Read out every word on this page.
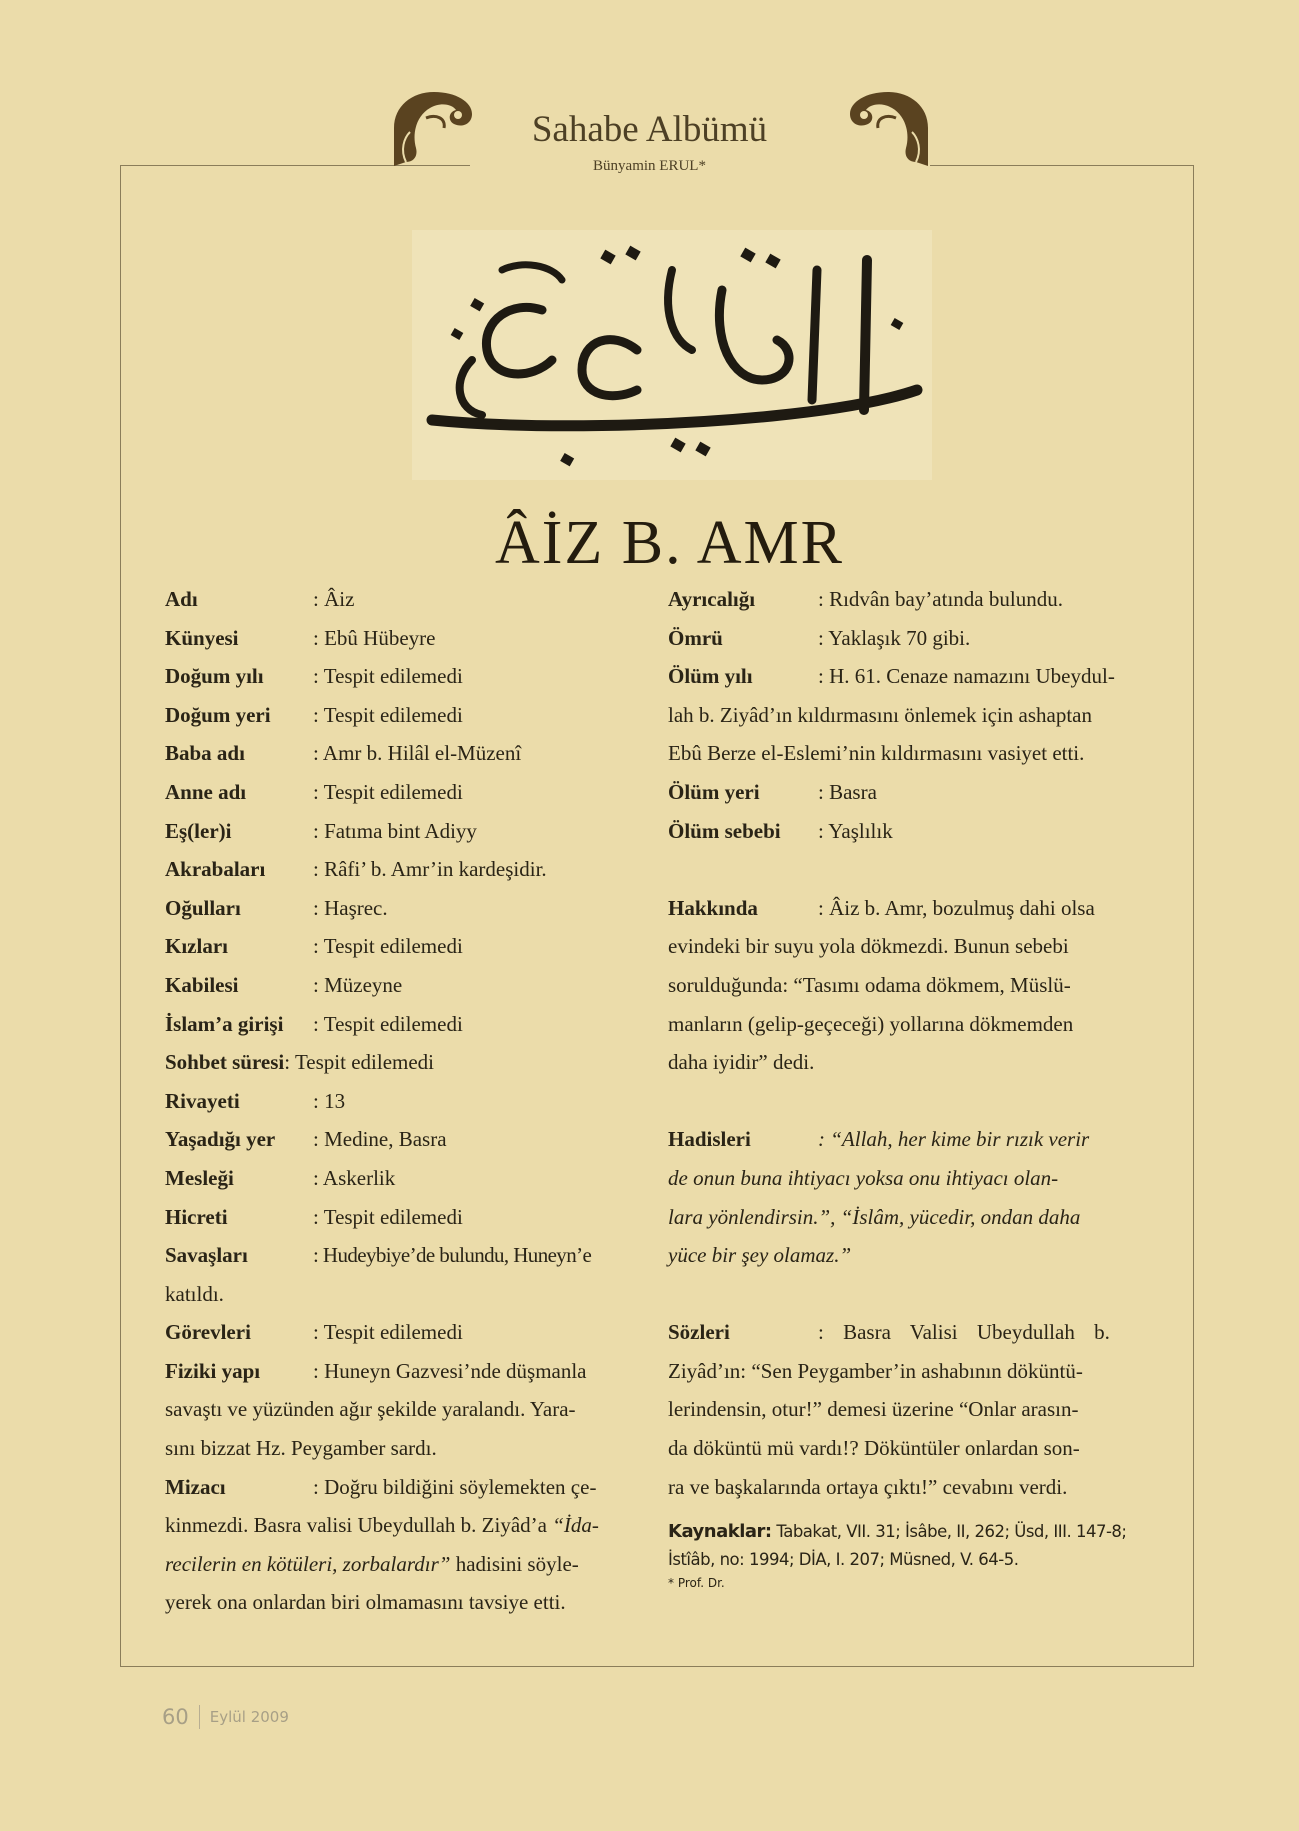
Sahabe Albümü
Bünyamin ERUL*
ÂİZ B. AMR
Adı	: Âiz
Künyesi	: Ebû Hübeyre
Doğum yılı	: Tespit edilemedi
Doğum yeri	: Tespit edilemedi
Baba adı	: Amr b. Hilâl el-Müzenî
Anne adı	: Tespit edilemedi
Eş(ler)i	: Fatıma bint Adiyy
Akrabaları	: Râfi’ b. Amr’in kardeşidir.
Oğulları	: Haşrec.
Kızları	: Tespit edilemedi
Kabilesi	: Müzeyne
İslam’a girişi	: Tespit edilemedi
Sohbet süresi : Tespit edilemedi
Rivayeti	: 13
Yaşadığı yer	: Medine, Basra
Mesleği	: Askerlik
Hicreti	: Tespit edilemedi
Savaşları	: Hudeybiye’de bulundu, Huneyn’e
katıldı.
Görevleri	: Tespit edilemedi
Fiziki yapı	: Huneyn Gazvesi’nde düşmanla
savaştı ve yüzünden ağır şekilde yaralandı. Yara-
sını bizzat Hz. Peygamber sardı.
Mizacı	: Doğru bildiğini söylemekten çe-
kinmezdi. Basra valisi Ubeydullah b. Ziyâd’a “İda-
recilerin en kötüleri, zorbalardır” hadisini söyle-
yerek ona onlardan biri olmamasını tavsiye etti.
Ayrıcalığı	: Rıdvân bay’atında bulundu.
Ömrü	: Yaklaşık 70 gibi.
Ölüm yılı	: H. 61. Cenaze namazını Ubeydul-
lah b. Ziyâd’ın kıldırmasını önlemek için ashaptan
Ebû Berze el-Eslemi’nin kıldırmasını vasiyet etti.
Ölüm yeri	: Basra
Ölüm sebebi	: Yaşlılık
Hakkında	: Âiz b. Amr, bozulmuş dahi olsa
evindeki bir suyu yola dökmezdi. Bunun sebebi
sorulduğunda: “Tasımı odama dökmem, Müslü-
manların (gelip-geçeceği) yollarına dökmemden
daha iyidir” dedi.
Hadisleri	: “Allah, her kime bir rızık verir
de onun buna ihtiyacı yoksa onu ihtiyacı olan-
lara yönlendirsin.”, “İslâm, yücedir, ondan daha
yüce bir şey olamaz.”
Sözleri	: Basra Valisi Ubeydullah b.
Ziyâd’ın: “Sen Peygamber’in ashabının döküntü-
lerindensin, otur!” demesi üzerine “Onlar arasın-
da döküntü mü vardı!? Döküntüler onlardan son-
ra ve başkalarında ortaya çıktı!” cevabını verdi.
Kaynaklar: Tabakat, VII. 31; İsâbe, II, 262; Üsd, III. 147-8;
İstîâb, no: 1994; DİA, I. 207; Müsned, V. 64-5.
* Prof. Dr.
60 Eylül 2009
